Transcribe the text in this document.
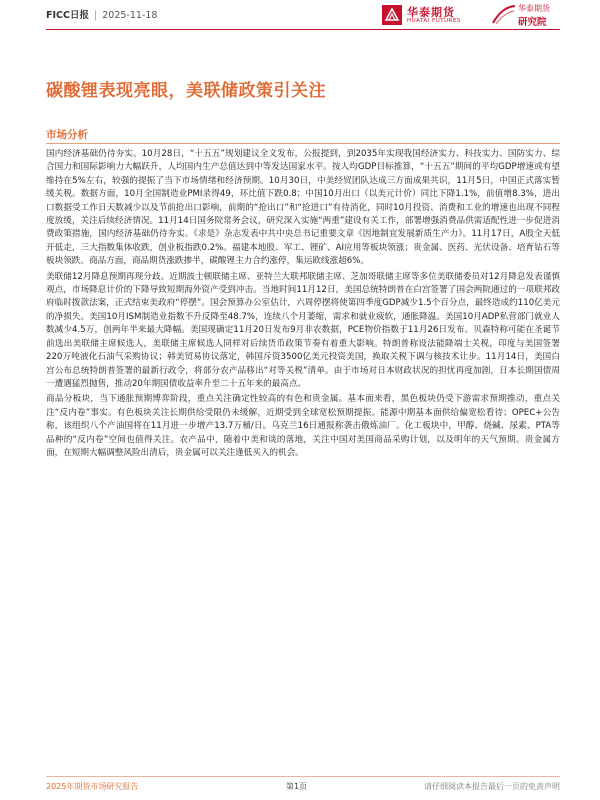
FICC日报 | 2025-11-18	华泰期货
HUATAI FUTURES
华泰期货
研究院
碳酸锂表现亮眼，美联储政策引关注
市场分析

国内经济基础仍待夯实。10月28日，“十五五”规划建议全文发布，公报提到，到2035年实现我国经济实力、科技实力、国防实力、综合国力和国际影响力大幅跃升，人均国内生产总值达到中等发达国家水平。按人均GDP目标推算，“十五五”期间的平均GDP增速或有望维持在5%左右，较强的提振了当下市场情绪和经济预期。10月30日，中美经贸团队达成三方面成果共识，11月5日，中国正式落实暂缓关税。数据方面，10月全国制造业PMI录得49，环比值下跌0.8；中国10月出口（以美元计价）同比下降1.1%，前值增8.3%，进出口数据受工作日天数减少以及节前抢出口影响，前期的“抢出口”和“抢进口”有待消化，同时10月投资、消费和工业的增速也出现不同程度放缓，关注后续经济情况。11月14日国务院常务会议，研究深入实施“两重”建设有关工作，部署增强消费品供需适配性进一步促进消费政策措施，国内经济基础仍待夯实。《求是》杂志发表中共中央总书记重要文章《因地制宜发展新质生产力》。11月17日，A股全天低开低走，三大指数集体收跌，创业板指跌0.2%。福建本地股、军工、锂矿、AI应用等板块领涨；贵金属、医药、光伏设备、培育钻石等板块领跌。商品方面，商品期货涨跌掺半，碳酸锂主力合约涨停，集运欧线涨超6%。

美联储12月降息预期再现分歧。近期波士顿联储主席、亚特兰大联邦联储主席、芝加哥联储主席等多位美联储委员对12月降息发表谨慎观点，市场降息计价的下降导致短期海外资产受到冲击。当地时间11月12日，美国总统特朗普在白宫签署了国会两院通过的一项联邦政府临时拨款法案，正式结束美政府“停摆”。国会预算办公室估计，六周停摆将使第四季度GDP减少1.5个百分点，最终造成约110亿美元的净损失。美国10月ISM制造业指数不升反降至48.7%，连续八个月萎缩，需求和就业疲软，通胀降温。美国10月ADP私营部门就业人数减少4.5万，创两年半来最大降幅。美国现确定11月20日发布9月非农数据，PCE物价指数于11月26日发布。贝森特称可能在圣诞节前选出美联储主席候选人，美联储主席候选人同样对后续货币政策节奏有着重大影响。特朗普称设法能降端士关税，印度与美国签署220万吨液化石油气采购协议；韩美贸易协议落定，韩国斥资3500亿美元投资美国，换取关税下调与核技术让步。11月14日，美国白宫公布总统特朗普签署的最新行政令，将部分农产品移出“对等关税”清单。由于市场对日本财政状况的担忧再度加剧，日本长期国债周一遭遇猛烈抛售，推动20年期国债收益率升至二十五年来的最高点。

商品分板块，当下通胀预期博弈阶段，重点关注确定性较高的有色和贵金属。基本面来看，黑色板块仍受下游需求预期推动，重点关注“反内卷”事实。有色板块关注长期供给受限仍未缓解，近期受到全球宽松预期提振。能源中期基本面供给偏宽松看待；OPEC+公告称，该组织八个产油国将在11月进一步增产13.7万桶/日。乌克兰16日通报称袭击俄炼油厂。化工板块中，甲醇、烧碱、尿素、PTA等品种的“反内卷”空间也值得关注。农产品中，随着中美和谈的落地，关注中国对美国商品采购计划，以及明年的天气预期。贵金属方面，在短期大幅调整风险出清后，贵金属可以关注逢低买入的机会。

2025年期货市场研究报告	第1页	请仔细阅读本报告最后一页的免责声明
